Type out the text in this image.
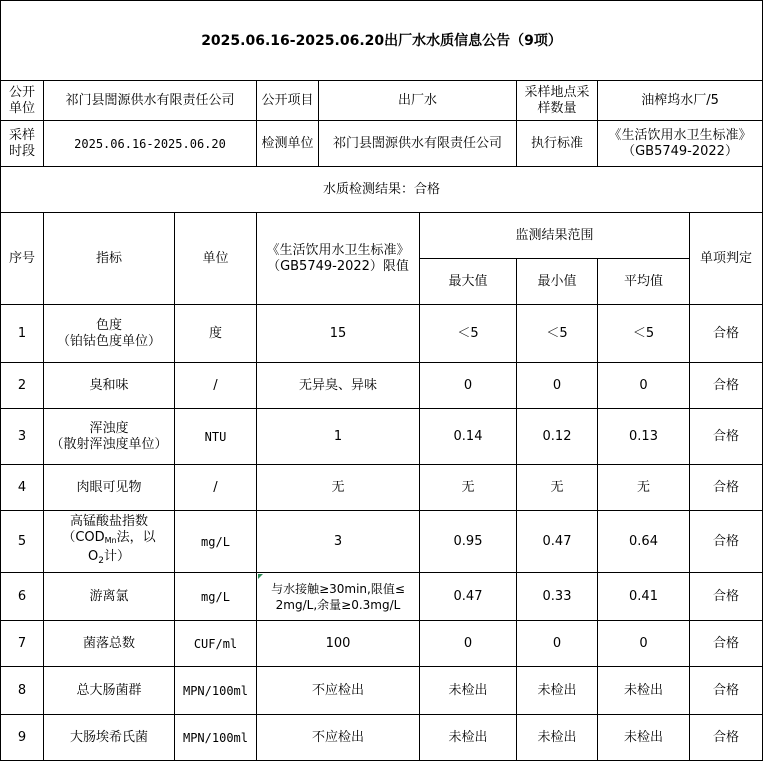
2025.06.16-2025.06.20出厂水水质信息公告（9项）								
公开单位	祁门县誾源供水有限责任公司		公开项目	出厂水		采样地点采样数量	油榨坞水厂/5	
采样时段	2025.06.16-2025.06.20		检测单位	祁门县誾源供水有限责任公司		执行标准	《生活饮用水卫生标准》
（GB5749-2022）	

水质检测结果：合格								
序号	指标	单位	《生活饮用水卫生标准》
（GB5749-2022）限值		监测结果范围			单项判定
					最大值	最小值	平均值	
1	色度
（铂钴色度单位）	度	15		＜5	＜5	＜5	合格
2	臭和味	/	无异臭、异味		0	0	0	合格
3	浑浊度
（散射浑浊度单位）	NTU	1		0.14	0.12	0.13	合格
4	肉眼可见物	/	无		无	无	无	合格
5	高锰酸盐指数
（$COD_{Mn}$法，以
$O_2$计）	mg/L	3		0.95	0.47	0.64	合格
6	游离氯	mg/L	与水接触≥30min,限值≤
2mg/L,余量≥0.3mg/L		0.47	0.33	0.41	合格
7	菌落总数	CUF/ml	100		0	0	0	合格
8	总大肠菌群	MPN/100ml	不应检出		未检出	未检出	未检出	合格
9	大肠埃希氏菌	MPN/100ml	不应检出		未检出	未检出	未检出	合格
